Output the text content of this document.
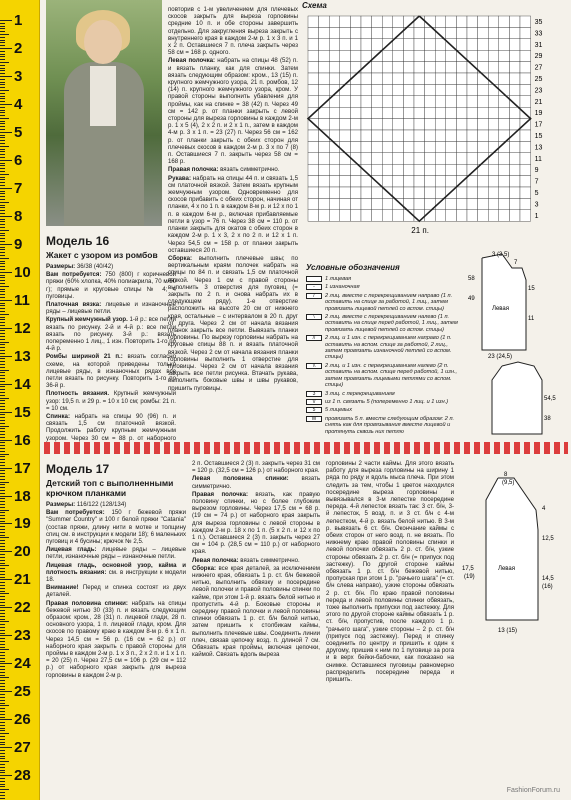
1
2
3
4
5
6
7
8
9
10
11
12
13
14
15
16
17
18
19
20
21
22
23
24
25
26
27
28
Модель 16
Жакет с узором из ромбов

Размеры: 36/38 (40/42)

Вам потребуется: 750 (800) г коричневой пряжи (60% хлопка, 40% полиакрила, 70 м/50 г); прямые и круговые спицы № 4; 4 пуговицы.

Платочная вязка: лицевые и изнаночные ряды – лицевые петли.

Крупный жемчужный узор. 1-й р.: все петли вязать по рисунку. 2-й и 4-й р.: все петли вязать по рисунку. 3-й р.: вязать попеременно 1 лиц., 1 изн. Повторить 1-го по 4-й р.

Ромбы шириной 21 п.: вязать согласно схеме, на которой приведены только лицевые ряды, в изнаночных рядах все петли вязать по рисунку. Повторить 1-го по 36-й р.

Плотность вязания. Крупный жемчужный узор: 19,5 п. и 29 р. = 10 х 10 см; ромбы: 21 п. = 10 см.

Спинка: набрать на спицы 90 (96) п. и связать 1,5 см платочной вязкой. Продолжить работу крупным жемчужным узором. Через 30 см = 88 р. от наборного

повторив с 1-м увеличением для плечевых скосов закрыть для выреза горловины средние 10 п. и обе стороны завершить отдельно. Для закругления выреза закрыть с внутреннего края в каждом 2-м р. 1 х 3 п. и 1 х 2 п. Оставшиеся 7 п. плеча закрыть через 58 см = 168 р. одного.

Левая полочка: набрать на спицы 48 (52) п. и вязать планку, как для спинки. Затем вязать следующим образом: кром., 13 (15) п. крупного жемчужного узора, 21 п. ромбов, 12 (14) п. крупного жемчужного узора, кром. У правой стороны выполнить убавления для проймы, как на спинке = 38 (42) п. Через 49 см = 142 р. от планки закрыть с левой стороны для выреза горловины в каждом 2-м р. 1 х 5 (4), 2 х 2 п. и 2 х 1 п., затем в каждом 4-м р. 3 х 1 п. = 23 (27) п. Через 56 см = 162 р. от планки закрыть с обеих сторон для плечевых скосов в каждом 2-м р. 3 х по 7 (8) п. Оставшиеся 7 п. закрыть через 58 см = 168 р.

Правая полочка: вязать симметрично.

Рукава: набрать на спицы 44 п. и связать 1,5 см платочной вязкой. Затем вязать крупным жемчужным узором. Одновременно для скосов прибавить с обеих сторон, начиная от планки, 4 х по 1 п. в каждом 8-м р. и 12 х по 1 п. в каждом 6-м р., включая прибавляемые петли в узор = 76 п. Через 38 см = 110 р. от планки закрыть для окатов с обеих сторон в каждом 2-м р. 1 х 3, 2 х по 2 п. и 12 х 1 п. Через 54,5 см = 158 р. от планки закрыть оставшиеся 20 п.

Сборка: выполнить плечевые швы; по вертикальным краям полочек набрать на спицы по 84 п. и связать 1,5 см платочной вязкой. Через 1 см с правой стороны выполнить 3 отверстия для пуговиц (= закрыть по 2 п. и снова набрать их в следующем ряду). 1-е отверстие расположить на высоте 20 см от нижнего края, остальные – с интервалом в 20 п. друг от друга. Через 2 см от начала вязания планок закрыть все петли. Вывязать планки горловины. По вырезу горловины набрать на круговые спицы 88 п. и вязать платочной вязкой. Через 2 см от начала вязания планки горловины выполнить 1 отверстие для пуговицы. Через 2 см от начала вязания закрыть все петли рисунка. Втачать рукава, выполнить боковые швы и швы рукавов, пришить пуговицы.

Схема
35
33
31
29
27
25
23
21
19
17
15
13
11
9
7
5
3
1
21 п.
Условные обозначения
1 лицевая
-	1 изнаночная
/	2 лиц. вместе с перекрещиванием направо (1 п. оставить на спице за работой, 1 лиц., затем провязать лицевой петлей со вспом. спицы)
\	2 лиц. вместе с перекрещиванием налево (1 п. оставить на спице перед работой, 1 лиц., затем провязать лицевой петлей со вспом. спицы)
//	2 лиц. и 1 изн. с перекрещиванием направо (1 п. оставить на вспом. спице за работой, 2 лиц., затем провязать изнаночной петлей со вспом. спицы)
\\	2 лиц. и 1 изн. с перекрещиванием налево (2 п. оставить на вспом. спице перед работой, 1 изн., затем провязать лицевыми петлями со вспом. спицы)
3	3 лиц. с перекрещиванием
V	из 1 п. связать 5 (попеременно 1 лиц. и 1 изн.)
5	5 лицевых
W	провязать 5 п. вместе следующим образом: 2 п. снять как для провязывания вместе лицевой и протянуть сквозь них петлю
3 (3,5)
7
49
11
58
15
23 (24,5)
Левая
54,5
38
Модель 17
Детский топ с выполненными крючком планками

Размеры: 116/122 (128/134)

Вам потребуется: 150 г бежевой пряжи "Summer Country" и 100 г белой пряжи "Catania" (состав пряжи, длину нити в мотке и толщину спиц см. в инструкции к модели 18); 6 маленьких пуговиц и 4 бусины; крючок № 2,5.

Лицевая гладь: лицевые ряды – лицевые петли, изнаночные ряды – изнаночные петли.

Лицевая гладь, основной узор, кайма и плотность вязания: см. в инструкции к модели 18.

Внимание! Перед и спинка состоят из двух деталей.

Правая половина спинки: набрать на спицы бежевой нитью 30 (33) п. и вязать следующим образом: кром., 28 (31) п. лицевой глади, 28 п. основного узора, 1 п. лицевой глади, кром. Для скосов по правому краю в каждом 8-м р. 6 х 1 п. Через 14,5 см = 56 р. (16 см = 62 р.) от наборного края закрыть с правой стороны для проймы в каждом 2-м р. 1 х 3 п., 2 х 2 п. и 1 х 1 п. = 20 (25) п. Через 27,5 см = 106 р. (29 см = 112 р.) от наборного края закрыть для выреза горловины в каждом 2-м р.

2 п. Оставшиеся 2 (3) п. закрыть через 31 см = 120 р. (32,5 см = 126 р.) от наборного края.

Левая половина спинки: вязать симметрично.

Правая полочка: вязать, как правую половину спинки, но с более глубоким вырезом горловины. Через 17,5 см = 68 р. (19 см = 74 р.) от наборного края закрыть для выреза горловины с левой стороны в каждом 2-м р. 18 х по 1 п. (5 х 2 п. и 12 х по 1 п.). Оставшиеся 2 (3) п. закрыть через 27 см = 104 р. (28,5 см = 110 р.) от наборного края.

Левая полочка: вязать симметрично.

Сборка: все края деталей, за исключением нижнего края, обвязать 1 р. ст. б/н бежевой нитью, выполнить обвязку и посередине левой полочки и правой половины спинки по кайме, при этом 1-й р. вязать белой нитью и пропустить 4-й р. Боковые стороны и середину правой полочки и левой половины спинки обвязать 1 р. ст. б/н белой нитью, затем пришить к столбикам каймы, выполнить плечевые швы. Соединить линии плеч, связав цепочку возд. п. длиной 7 см. Обвязать края проймы, включая цепочки, каймой. Связать вдоль выреза

горловины 2 части каймы. Для этого вязать работу для выреза горловины на ширину 1 ряда по ряду и вдоль мыса плеча. При этом следить за тем, чтобы 1 цветок находился посередине выреза горловины и вывязывался в 3-м лепестке посередине переда. 4-й лепесток вязать так: 3 ст. б/н, 3-й лепесток, 5 возд. п. и 3 ст. б/н с 4-м лепестком, 4-й р. вязать белой нитью. В 3-м р. вывязать 6 ст. б/н. Окончание каймы с обеих сторон от него возд. п. не вязать. По нижнему краю правой половины спинки и левой полочки обвязать 2 р. ст. б/н, узкие стороны обвязать 2 р. ст. б/н (= припуск под застежку). По другой стороне каймы обвязать 1 р. ст. б/н бежевой нитью, пропуская при этом 1 р. "рачьего шага" (= ст. б/н слева направо), узкие стороны обвязать 2 р. ст. б/н. По краю правой половины переда и левой половины спинки обвязать, тоже выполнить припуски под застежку. Для этого по другой стороне каймы обвязать 1 р. ст. б/н, пропустив, после каждого 1 р. "рачьего шага", узкие стороны – 2 р. ст. б/н (припуск под застежку). Перед и спинку соединить по центру и пришить к один к другому, пришив к ним по 1 пуговице за рога и в верх бейки-бабочки, как показано на снимке. Оставшиеся пуговицы равномерно распределить посередине переда и пришить.

8
(9,5)
4
17,5
(19)	14,5
(16)
12,5
Левая
13 (15)
FashionForum.ru
